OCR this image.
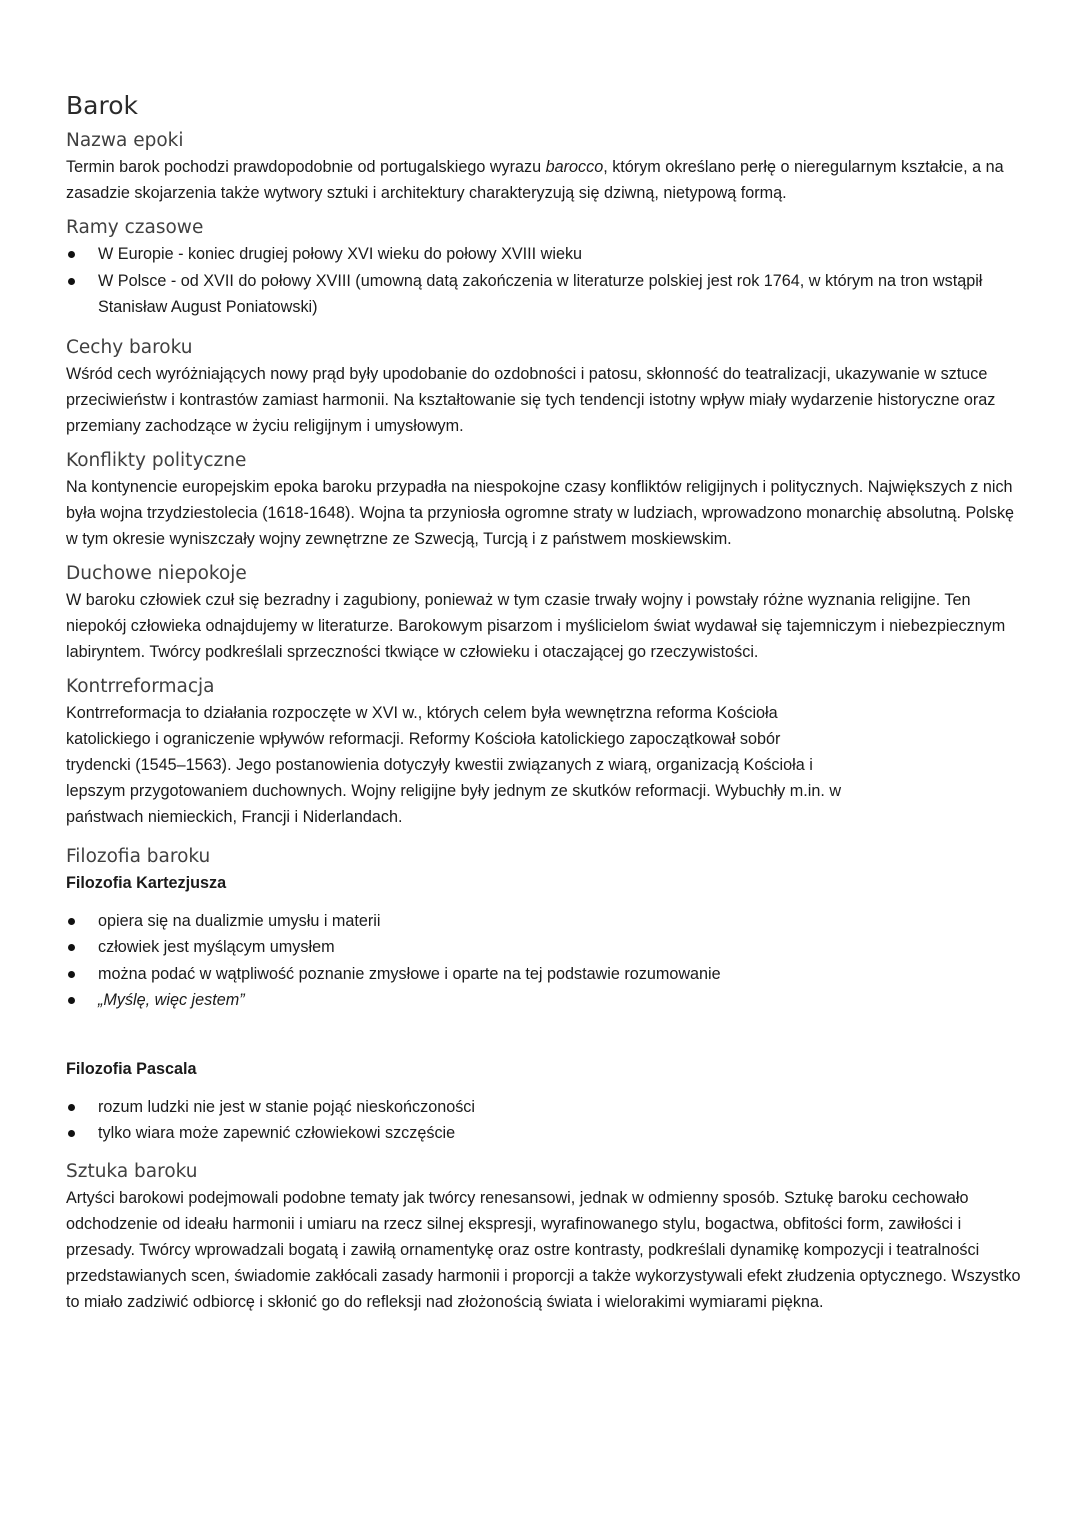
Barok
Nazwa epoki

Termin barok pochodzi prawdopodobnie od portugalskiego wyrazu barocco, którym określano perłę o nieregularnym kształcie, a na zasadzie skojarzenia także wytwory sztuki i architektury charakteryzują się dziwną, nietypową formą.

Ramy czasowe
W Europie - koniec drugiej połowy XVI wieku do połowy XVIII wieku
W Polsce - od XVII do połowy XVIII (umowną datą zakończenia w literaturze polskiej jest rok 1764, w którym na tron wstąpił Stanisław August Poniatowski)
Cechy baroku

Wśród cech wyróżniających nowy prąd były upodobanie do ozdobności i patosu, skłonność do teatralizacji, ukazywanie w sztuce przeciwieństw i kontrastów zamiast harmonii. Na kształtowanie się tych tendencji istotny wpływ miały wydarzenie historyczne oraz przemiany zachodzące w życiu religijnym i umysłowym.

Konflikty polityczne

Na kontynencie europejskim epoka baroku przypadła na niespokojne czasy konfliktów religijnych i politycznych. Największych z nich była wojna trzydziestolecia (1618-1648). Wojna ta przyniosła ogromne straty w ludziach, wprowadzono monarchię absolutną. Polskę w tym okresie wyniszczały wojny zewnętrzne ze Szwecją, Turcją i z państwem moskiewskim.

Duchowe niepokoje

W baroku człowiek czuł się bezradny i zagubiony, ponieważ w tym czasie trwały wojny i powstały różne wyznania religijne. Ten niepokój człowieka odnajdujemy w literaturze. Barokowym pisarzom i myślicielom świat wydawał się tajemniczym i niebezpiecznym labiryntem. Twórcy podkreślali sprzeczności tkwiące w człowieku i otaczającej go rzeczywistości.

Kontrreformacja

Kontrreformacja to działania rozpoczęte w XVI w., których celem była wewnętrzna reforma Kościoła

katolickiego i ograniczenie wpływów reformacji. Reformy Kościoła katolickiego zapoczątkował sobór

trydencki (1545–1563). Jego postanowienia dotyczyły kwestii związanych z wiarą, organizacją Kościoła i

lepszym przygotowaniem duchownych. Wojny religijne były jednym ze skutków reformacji. Wybuchły m.in. w

państwach niemieckich, Francji i Niderlandach.

Filozofia baroku
Filozofia Kartezjusza
opiera się na dualizmie umysłu i materii
człowiek jest myślącym umysłem
można podać w wątpliwość poznanie zmysłowe i oparte na tej podstawie rozumowanie
„Myślę, więc jestem”
Filozofia Pascala
rozum ludzki nie jest w stanie pojąć nieskończoności
tylko wiara może zapewnić człowiekowi szczęście
Sztuka baroku

Artyści barokowi podejmowali podobne tematy jak twórcy renesansowi, jednak w odmienny sposób. Sztukę baroku cechowało odchodzenie od ideału harmonii i umiaru na rzecz silnej ekspresji, wyrafinowanego stylu, bogactwa, obfitości form, zawiłości i przesady. Twórcy wprowadzali bogatą i zawiłą ornamentykę oraz ostre kontrasty, podkreślali dynamikę kompozycji i teatralności przedstawianych scen, świadomie zakłócali zasady harmonii i proporcji a także wykorzystywali efekt złudzenia optycznego. Wszystko to miało zadziwić odbiorcę i skłonić go do refleksji nad złożonością świata i wielorakimi wymiarami piękna.
